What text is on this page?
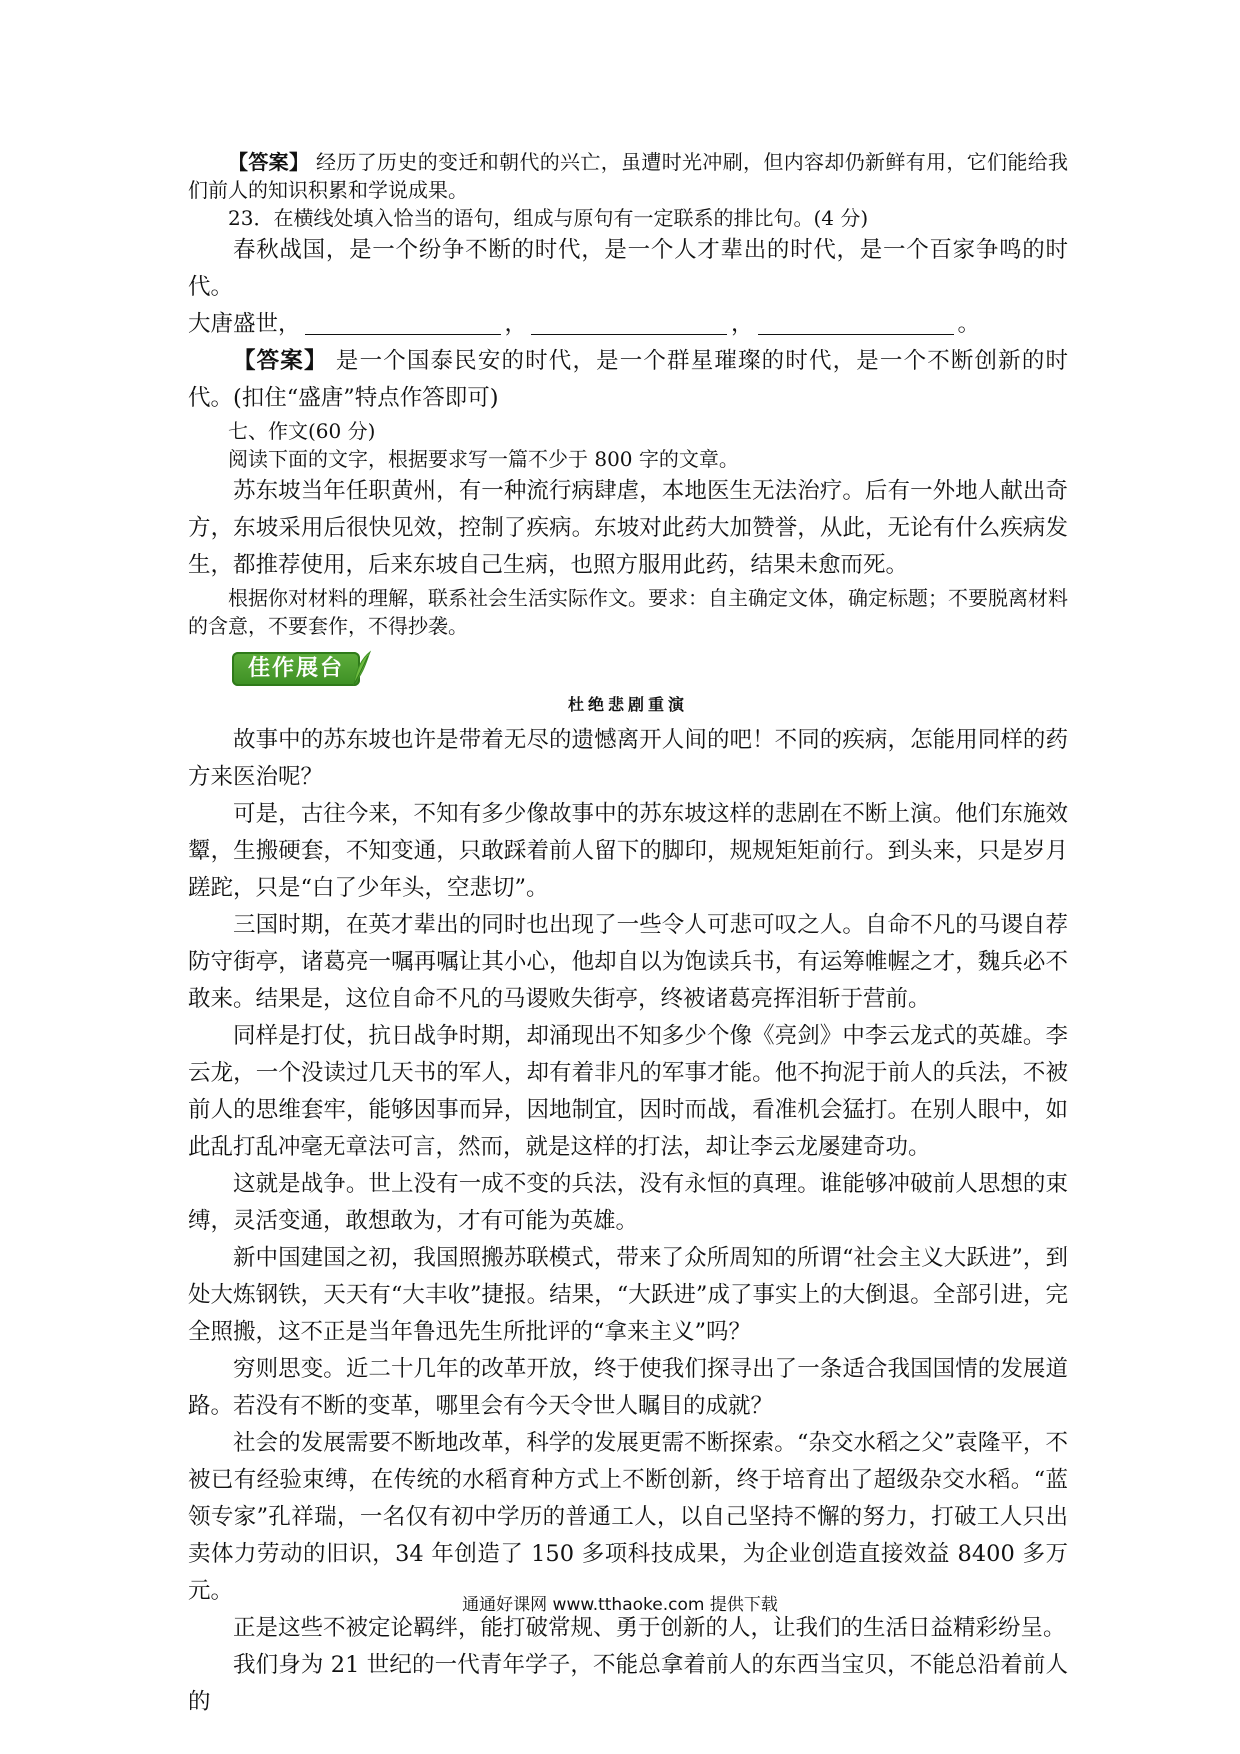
【答案】 经历了历史的变迁和朝代的兴亡，虽遭时光冲刷，但内容却仍新鲜有用，它们能给我们前人的知识积累和学说成果。

23．在横线处填入恰当的语句，组成与原句有一定联系的排比句。(4 分)

春秋战国，是一个纷争不断的时代，是一个人才辈出的时代，是一个百家争鸣的时代。

大唐盛世，	，	，	。

【答案】 是一个国泰民安的时代，是一个群星璀璨的时代，是一个不断创新的时代。(扣住“盛唐”特点作答即可)

七、作文(60 分)

阅读下面的文字，根据要求写一篇不少于 800 字的文章。

苏东坡当年任职黄州，有一种流行病肆虐，本地医生无法治疗。后有一外地人献出奇方，东坡采用后很快见效，控制了疾病。东坡对此药大加赞誉，从此，无论有什么疾病发生，都推荐使用，后来东坡自己生病，也照方服用此药，结果未愈而死。

根据你对材料的理解，联系社会生活实际作文。要求：自主确定文体，确定标题；不要脱离材料的含意，不要套作，不得抄袭。

佳作展台
杜绝悲剧重演

故事中的苏东坡也许是带着无尽的遗憾离开人间的吧！不同的疾病，怎能用同样的药方来医治呢？

可是，古往今来，不知有多少像故事中的苏东坡这样的悲剧在不断上演。他们东施效颦，生搬硬套，不知变通，只敢踩着前人留下的脚印，规规矩矩前行。到头来，只是岁月蹉跎，只是“白了少年头，空悲切”。

三国时期，在英才辈出的同时也出现了一些令人可悲可叹之人。自命不凡的马谡自荐防守街亭，诸葛亮一嘱再嘱让其小心，他却自以为饱读兵书，有运筹帷幄之才，魏兵必不敢来。结果是，这位自命不凡的马谡败失街亭，终被诸葛亮挥泪斩于营前。

同样是打仗，抗日战争时期，却涌现出不知多少个像《亮剑》中李云龙式的英雄。李云龙，一个没读过几天书的军人，却有着非凡的军事才能。他不拘泥于前人的兵法，不被前人的思维套牢，能够因事而异，因地制宜，因时而战，看准机会猛打。在别人眼中，如此乱打乱冲毫无章法可言，然而，就是这样的打法，却让李云龙屡建奇功。

这就是战争。世上没有一成不变的兵法，没有永恒的真理。谁能够冲破前人思想的束缚，灵活变通，敢想敢为，才有可能为英雄。

新中国建国之初，我国照搬苏联模式，带来了众所周知的所谓“社会主义大跃进”，到处大炼钢铁，天天有“大丰收”捷报。结果，“大跃进”成了事实上的大倒退。全部引进，完全照搬，这不正是当年鲁迅先生所批评的“拿来主义”吗？

穷则思变。近二十几年的改革开放，终于使我们探寻出了一条适合我国国情的发展道路。若没有不断的变革，哪里会有今天令世人瞩目的成就？

社会的发展需要不断地改革，科学的发展更需不断探索。“杂交水稻之父”袁隆平，不被已有经验束缚，在传统的水稻育种方式上不断创新，终于培育出了超级杂交水稻。“蓝领专家”孔祥瑞，一名仅有初中学历的普通工人，以自己坚持不懈的努力，打破工人只出卖体力劳动的旧识，34 年创造了 150 多项科技成果，为企业创造直接效益 8400 多万元。

正是这些不被定论羁绊，能打破常规、勇于创新的人，让我们的生活日益精彩纷呈。

我们身为 21 世纪的一代青年学子，不能总拿着前人的东西当宝贝，不能总沿着前人的

通通好课网 www.tthaoke.com 提供下载
